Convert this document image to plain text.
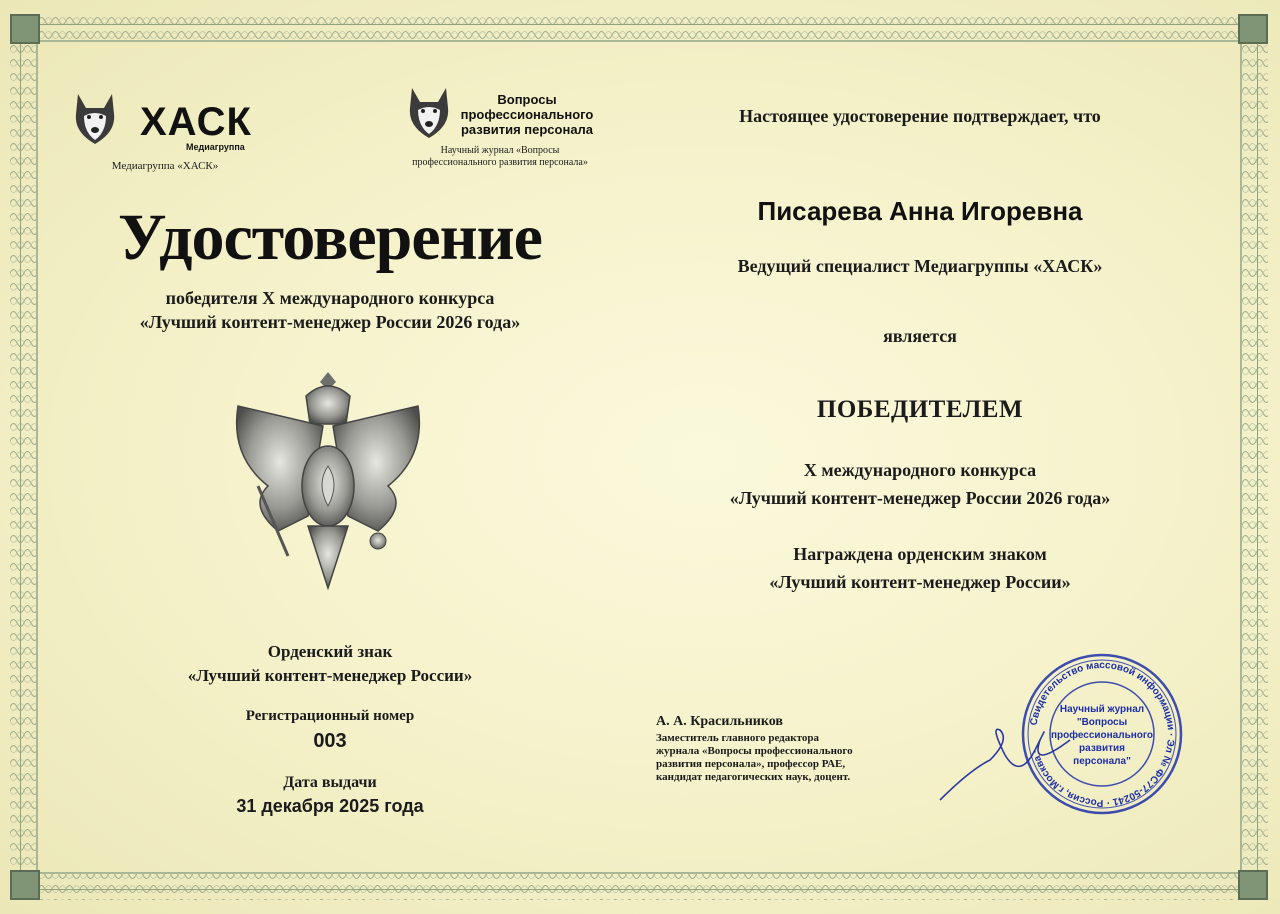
ХАСК
Медиагруппа
Медиагруппа «ХАСК»
Вопросы
профессионального
развития персонала
Научный журнал «Вопросы
профессионального развития персонала»
Удостоверение
победителя X международного конкурса
«Лучший контент-менеджер России 2026 года»
Орденский знак
«Лучший контент-менеджер России»
Регистрационный номер
003
Дата выдачи
31 декабря 2025 года
Настоящее удостоверение подтверждает, что
Писарева Анна Игоревна
Ведущий специалист Медиагруппы «ХАСК»
является
ПОБЕДИТЕЛЕМ
X международного конкурса
«Лучший контент-менеджер России 2026 года»
Награждена орденским знаком
«Лучший контент-менеджер России»
А. А. Красильников
Заместитель главного редактора
журнала «Вопросы профессионального
развития персонала», профессор РАЕ,
кандидат педагогических наук, доцент.
Свидетельство массовой информации · Эл № ФС77-50241 · Россия, г.Москва ·
Научный журнал
"Вопросы
профессионального
развития
персонала"
